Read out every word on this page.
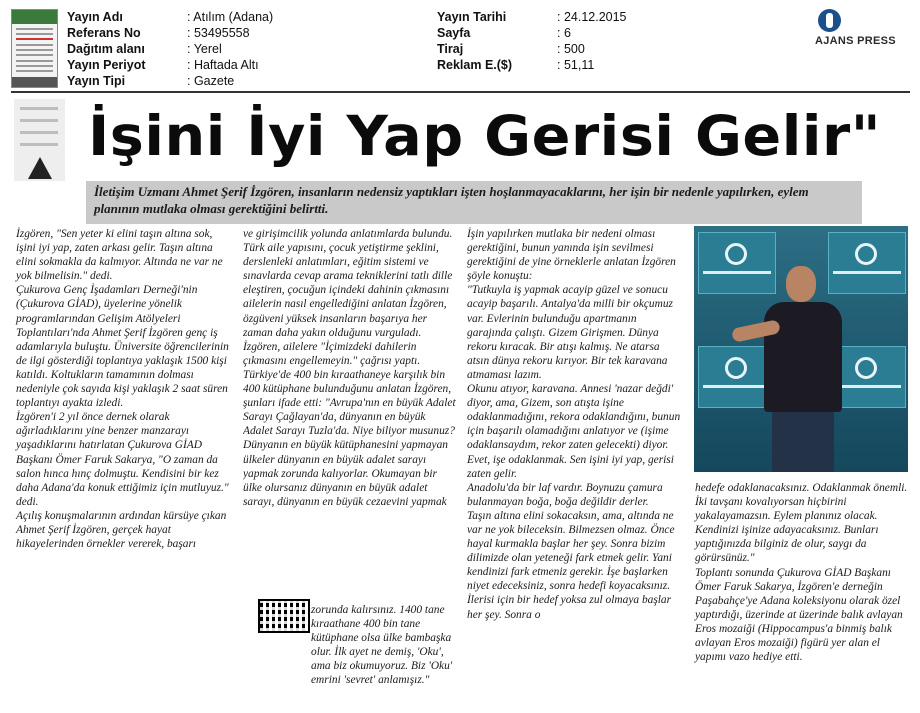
Yayın Adı	: Atılım (Adana)
Referans No	: 53495558
Dağıtım alanı	: Yerel
Yayın Periyot	: Haftada Altı
Yayın Tipi	: Gazete
Yayın Tarihi	: 24.12.2015
Sayfa	: 6
Tiraj	: 500
Reklam E.($)	: 51,11
AJANS PRESS
İşini İyi Yap Gerisi Gelir"
İletişim Uzmanı Ahmet Şerif İzgören, insanların nedensiz yaptıkları işten hoşlanmayacaklarını, her işin bir nedenle yapılırken, eylem planının mutlaka olması gerektiğini belirtti.
İzgören, "Sen yeter ki elini taşın altına sok, işini iyi yap, zaten arkası gelir. Taşın altına elini sokmakla da kalmıyor. Altında ne var ne yok bilmelisin." dedi.
Çukurova Genç İşadamları Derneği'nin (Çukurova GİAD), üyelerine yönelik programlarından Gelişim Atölyeleri Toplantıları'nda Ahmet Şerif İzgören genç iş adamlarıyla buluştu. Üniversite öğrencilerinin de ilgi gösterdiği toplantıya yaklaşık 1500 kişi katıldı. Koltukların tamamının dolması nedeniyle çok sayıda kişi yaklaşık 2 saat süren toplantıyı ayakta izledi.
İzgören'i 2 yıl önce dernek olarak ağırladıklarını yine benzer manzarayı yaşadıklarını hatırlatan Çukurova GİAD Başkanı Ömer Faruk Sakarya, "O zaman da salon hınca hınç dolmuştu. Kendisini bir kez daha Adana'da konuk ettiğimiz için mutluyuz." dedi.
Açılış konuşmalarının ardından kürsüye çıkan Ahmet Şerif İzgören, gerçek hayat hikayelerinden örnekler vererek, başarı
ve girişimcilik yolunda anlatımlarda bulundu.
Türk aile yapısını, çocuk yetiştirme şeklini, derslenleki anlatımları, eğitim sistemi ve sınavlarda cevap arama tekniklerini tatlı dille eleştiren, çocuğun içindeki dahinin çıkmasını ailelerin nasıl engellediğini anlatan İzgören, özgüveni yüksek insanların başarıya her zaman daha yakın olduğunu vurguladı. İzgören, ailelere "İçimizdeki dahilerin çıkmasını engellemeyin." çağrısı yaptı.
Türkiye'de 400 bin kıraathaneye karşılık bin 400 kütüphane bulunduğunu anlatan İzgören, şunları ifade etti: "Avrupa'nın en büyük Adalet Sarayı Çağlayan'da, dünyanın en büyük Adalet Sarayı Tuzla'da. Niye biliyor musunuz? Dünyanın en büyük kütüphanesini yapmayan ülkeler dünyanın en büyük adalet sarayı yapmak zorunda kalıyorlar. Okumayan bir ülke olursanız dünyanın en büyük adalet sarayı, dünyanın en büyük cezaevini yapmak
zorunda kalırsınız. 1400 tane kıraathane 400 bin tane kütüphane olsa ülke bambaşka olur. İlk ayet ne demiş, 'Oku', ama biz okumuyoruz. Biz 'Oku' emrini 'sevret' anlamışız."
İşin yapılırken mutlaka bir nedeni olması gerektiğini, bunun yanında işin sevilmesi gerektiğini de yine örneklerle anlatan İzgören şöyle konuştu:
"Tutkuyla iş yapmak acayip güzel ve sonucu acayip başarılı. Antalya'da milli bir okçumuz var. Evlerinin bulunduğu apartmanın garajında çalıştı. Gizem Girişmen. Dünya rekoru kıracak. Bir atışı kalmış. Ne atarsa atsın dünya rekoru kırıyor. Bir tek karavana atmaması lazım.
Okunu atıyor, karavana. Annesi 'nazar değdi' diyor, ama, Gizem, son atışta işine odaklanmadığını, rekora odaklandığını, bunun için başarılı olamadığını anlatıyor ve (işime odaklansaydım, rekor zaten gelecekti) diyor. Evet, işe odaklanmak. Sen işini iyi yap, gerisi zaten gelir.
Anadolu'da bir laf vardır. Boynuzu çamura bulanmayan boğa, boğa değildir derler.
Taşın altına elini sokacaksın, ama, altında ne var ne yok bileceksin. Bilmezsen olmaz. Önce hayal kurmakla başlar her şey. Sonra bizim dilimizde olan yeteneği fark etmek gelir. Yani kendinizi fark etmeniz gerekir. İşe başlarken niyet edeceksiniz, sonra hedefi koyacaksınız. İlerisi için bir hedef yoksa zul olmaya başlar her şey. Sonra o
hedefe odaklanacaksınız. Odaklanmak önemli. İki tavşanı kovalıyorsan hiçbirini yakalayamazsın. Eylem planınız olacak.
Kendinizi işinize adayacaksınız. Bunları yaptığınızda bilginiz de olur, saygı da görürsünüz."
Toplantı sonunda Çukurova GİAD Başkanı Ömer Faruk Sakarya, İzgören'e derneğin Paşabahçe'ye Adana koleksiyonu olarak özel yaptırdığı, üzerinde at üzerinde balık avlayan Eros mozaiği (Hippocampus'a binmiş balık avlayan Eros mozaiği) figürü yer alan el yapımı vazo hediye etti.
